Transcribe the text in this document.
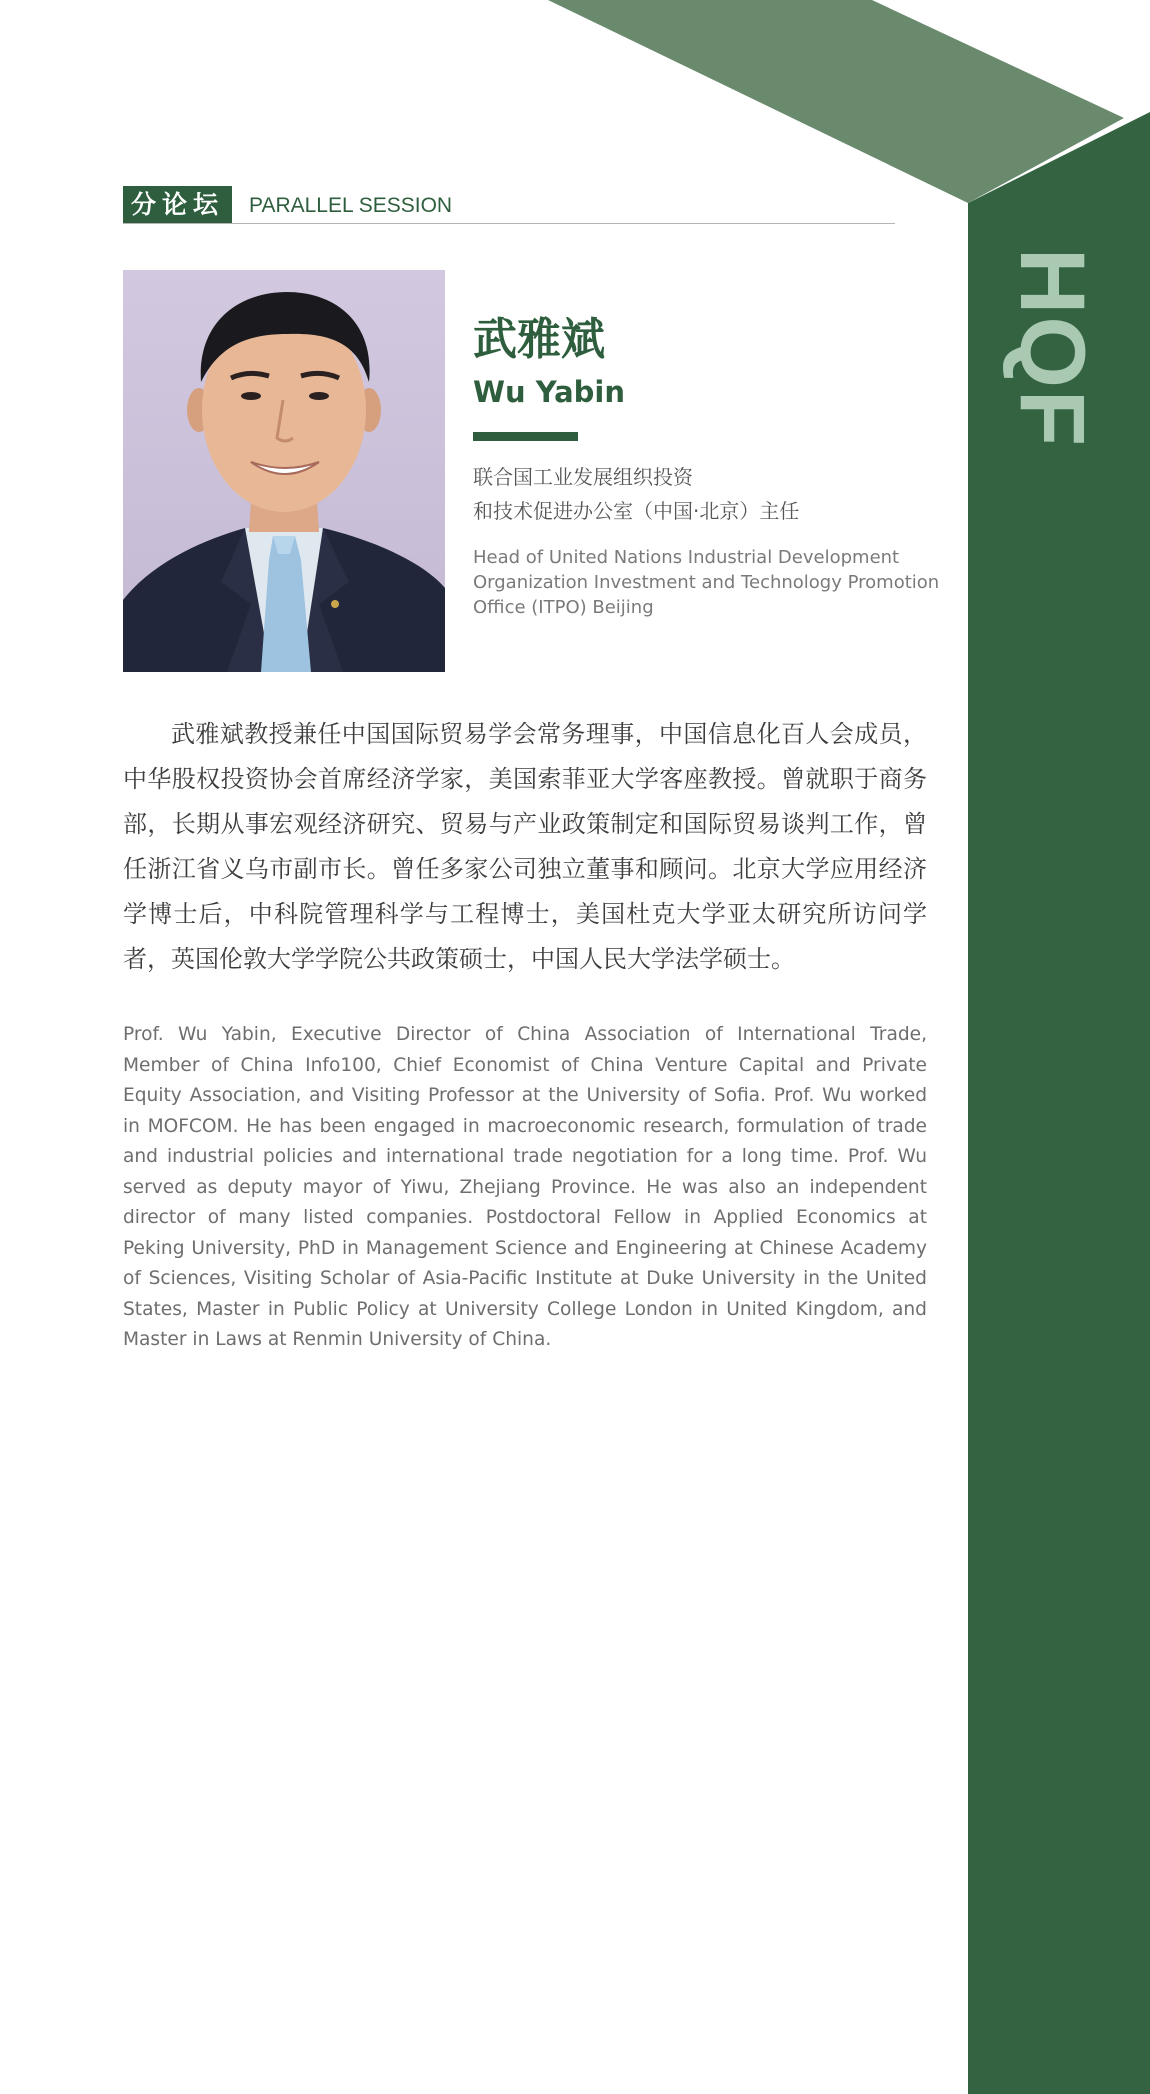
HQF
分论坛	PARALLEL SESSION
武雅斌
Wu Yabin
联合国工业发展组织投资
和技术促进办公室（中国·北京）主任
Head of United Nations Industrial Development
Organization Investment and Technology Promotion
Office (ITPO) Beijing

武雅斌教授兼任中国国际贸易学会常务理事，中国信息化百人会成员，中华股权投资协会首席经济学家，美国索菲亚大学客座教授。曾就职于商务部，长期从事宏观经济研究、贸易与产业政策制定和国际贸易谈判工作，曾任浙江省义乌市副市长。曾任多家公司独立董事和顾问。北京大学应用经济学博士后，中科院管理科学与工程博士，美国杜克大学亚太研究所访问学者，英国伦敦大学学院公共政策硕士，中国人民大学法学硕士。

Prof. Wu Yabin, Executive Director of China Association of International Trade,
Member of China Info100, Chief Economist of China Venture Capital and Private
Equity Association, and Visiting Professor at the University of Sofia. Prof. Wu worked
in MOFCOM. He has been engaged in macroeconomic research, formulation of trade
and industrial policies and international trade negotiation for a long time. Prof. Wu
served as deputy mayor of Yiwu, Zhejiang Province. He was also an independent
director of many listed companies. Postdoctoral Fellow in Applied Economics at
Peking University, PhD in Management Science and Engineering at Chinese Academy
of Sciences, Visiting Scholar of Asia-Pacific Institute at Duke University in the United
States, Master in Public Policy at University College London in United Kingdom, and
Master in Laws at Renmin University of China.
